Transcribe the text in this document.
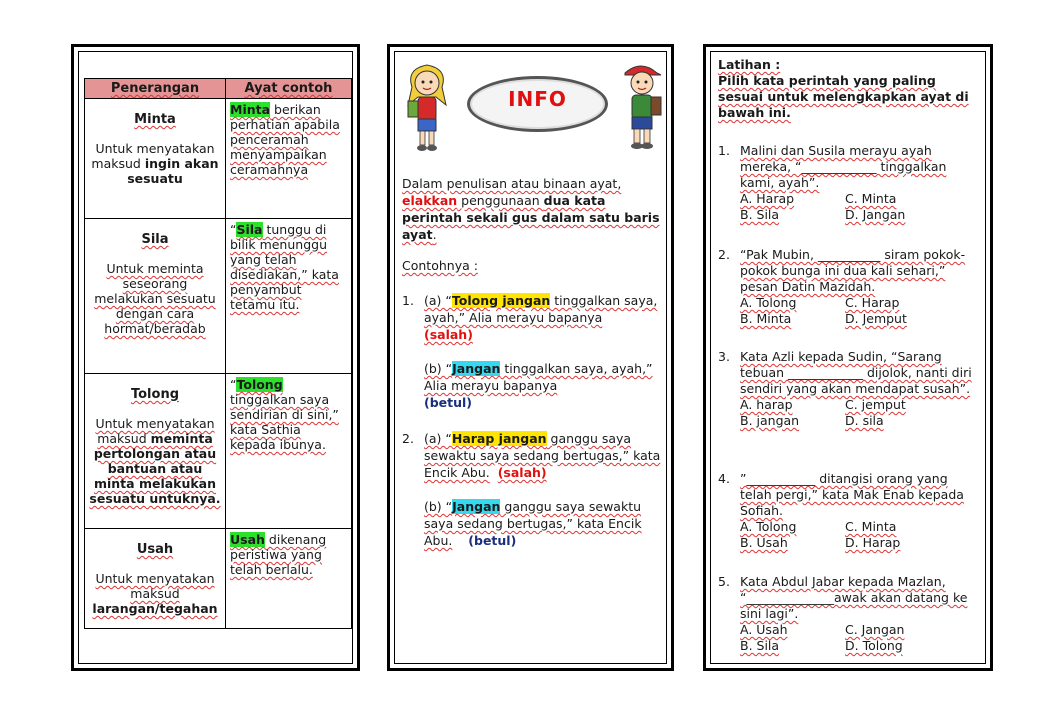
Penerangan	Ayat contoh

Minta
Untuk menyatakan maksud ingin akan sesuatu	Minta berikan perhatian apabila penceramah menyampaikan ceramahnya

Sila
Untuk meminta seseorang melakukan sesuatu dengan cara hormat/beradab	“Sila tunggu di bilik menunggu yang telah disediakan,” kata penyambut tetamu itu.

Tolong
Untuk menyatakan maksud meminta pertolongan atau bantuan atau minta melakukan sesuatu untuknya.	“Tolong tinggalkan saya sendirian di sini,” kata Sathia kepada ibunya.

Usah
Untuk menyatakan maksud larangan/tegahan	Usah dikenang peristiwa yang telah berlalu.
INFO
Dalam penulisan atau binaan ayat,
elakkan penggunaan dua kata perintah sekali gus dalam satu baris ayat.
Contohnya :
1. (a) “Tolong jangan tinggalkan saya, ayah,” Alia merayu bapanya
(salah)
(b) “Jangan tinggalkan saya, ayah,” Alia merayu bapanya
(betul)
2. (a) “Harap jangan ganggu saya sewaktu saya sedang bertugas,” kata Encik Abu. (salah)
(b) “Jangan ganggu saya sewaktu saya sedang bertugas,” kata Encik Abu. (betul)
Latihan :
Pilih kata perintah yang paling sesuai untuk melengkapkan ayat di bawah ini.
1. Malini dan Susila merayu ayah mereka, “____________ tinggalkan kami, ayah”.
A. Harap	C. Minta
B. Sila	D. Jangan
2. “Pak Mubin, __________ siram pokok-pokok bunga ini dua kali sehari,” pesan Datin Mazidah.
A. Tolong	C. Harap
B. Minta	D. Jemput
3. Kata Azli kepada Sudin, “Sarang tebuan ____________ dijolok, nanti diri sendiri yang akan mendapat susah”.
A. harap	C. jemput
B. jangan	D. sila
4. ”___________ ditangisi orang yang telah pergi,” kata Mak Enab kepada Sofiah.
A. Tolong	C. Minta
B. Usah	D. Harap
5. Kata Abdul Jabar kepada Mazlan, “______________awak akan datang ke sini lagi”.
A. Usah	C. Jangan
B. Sila	D. Tolong
